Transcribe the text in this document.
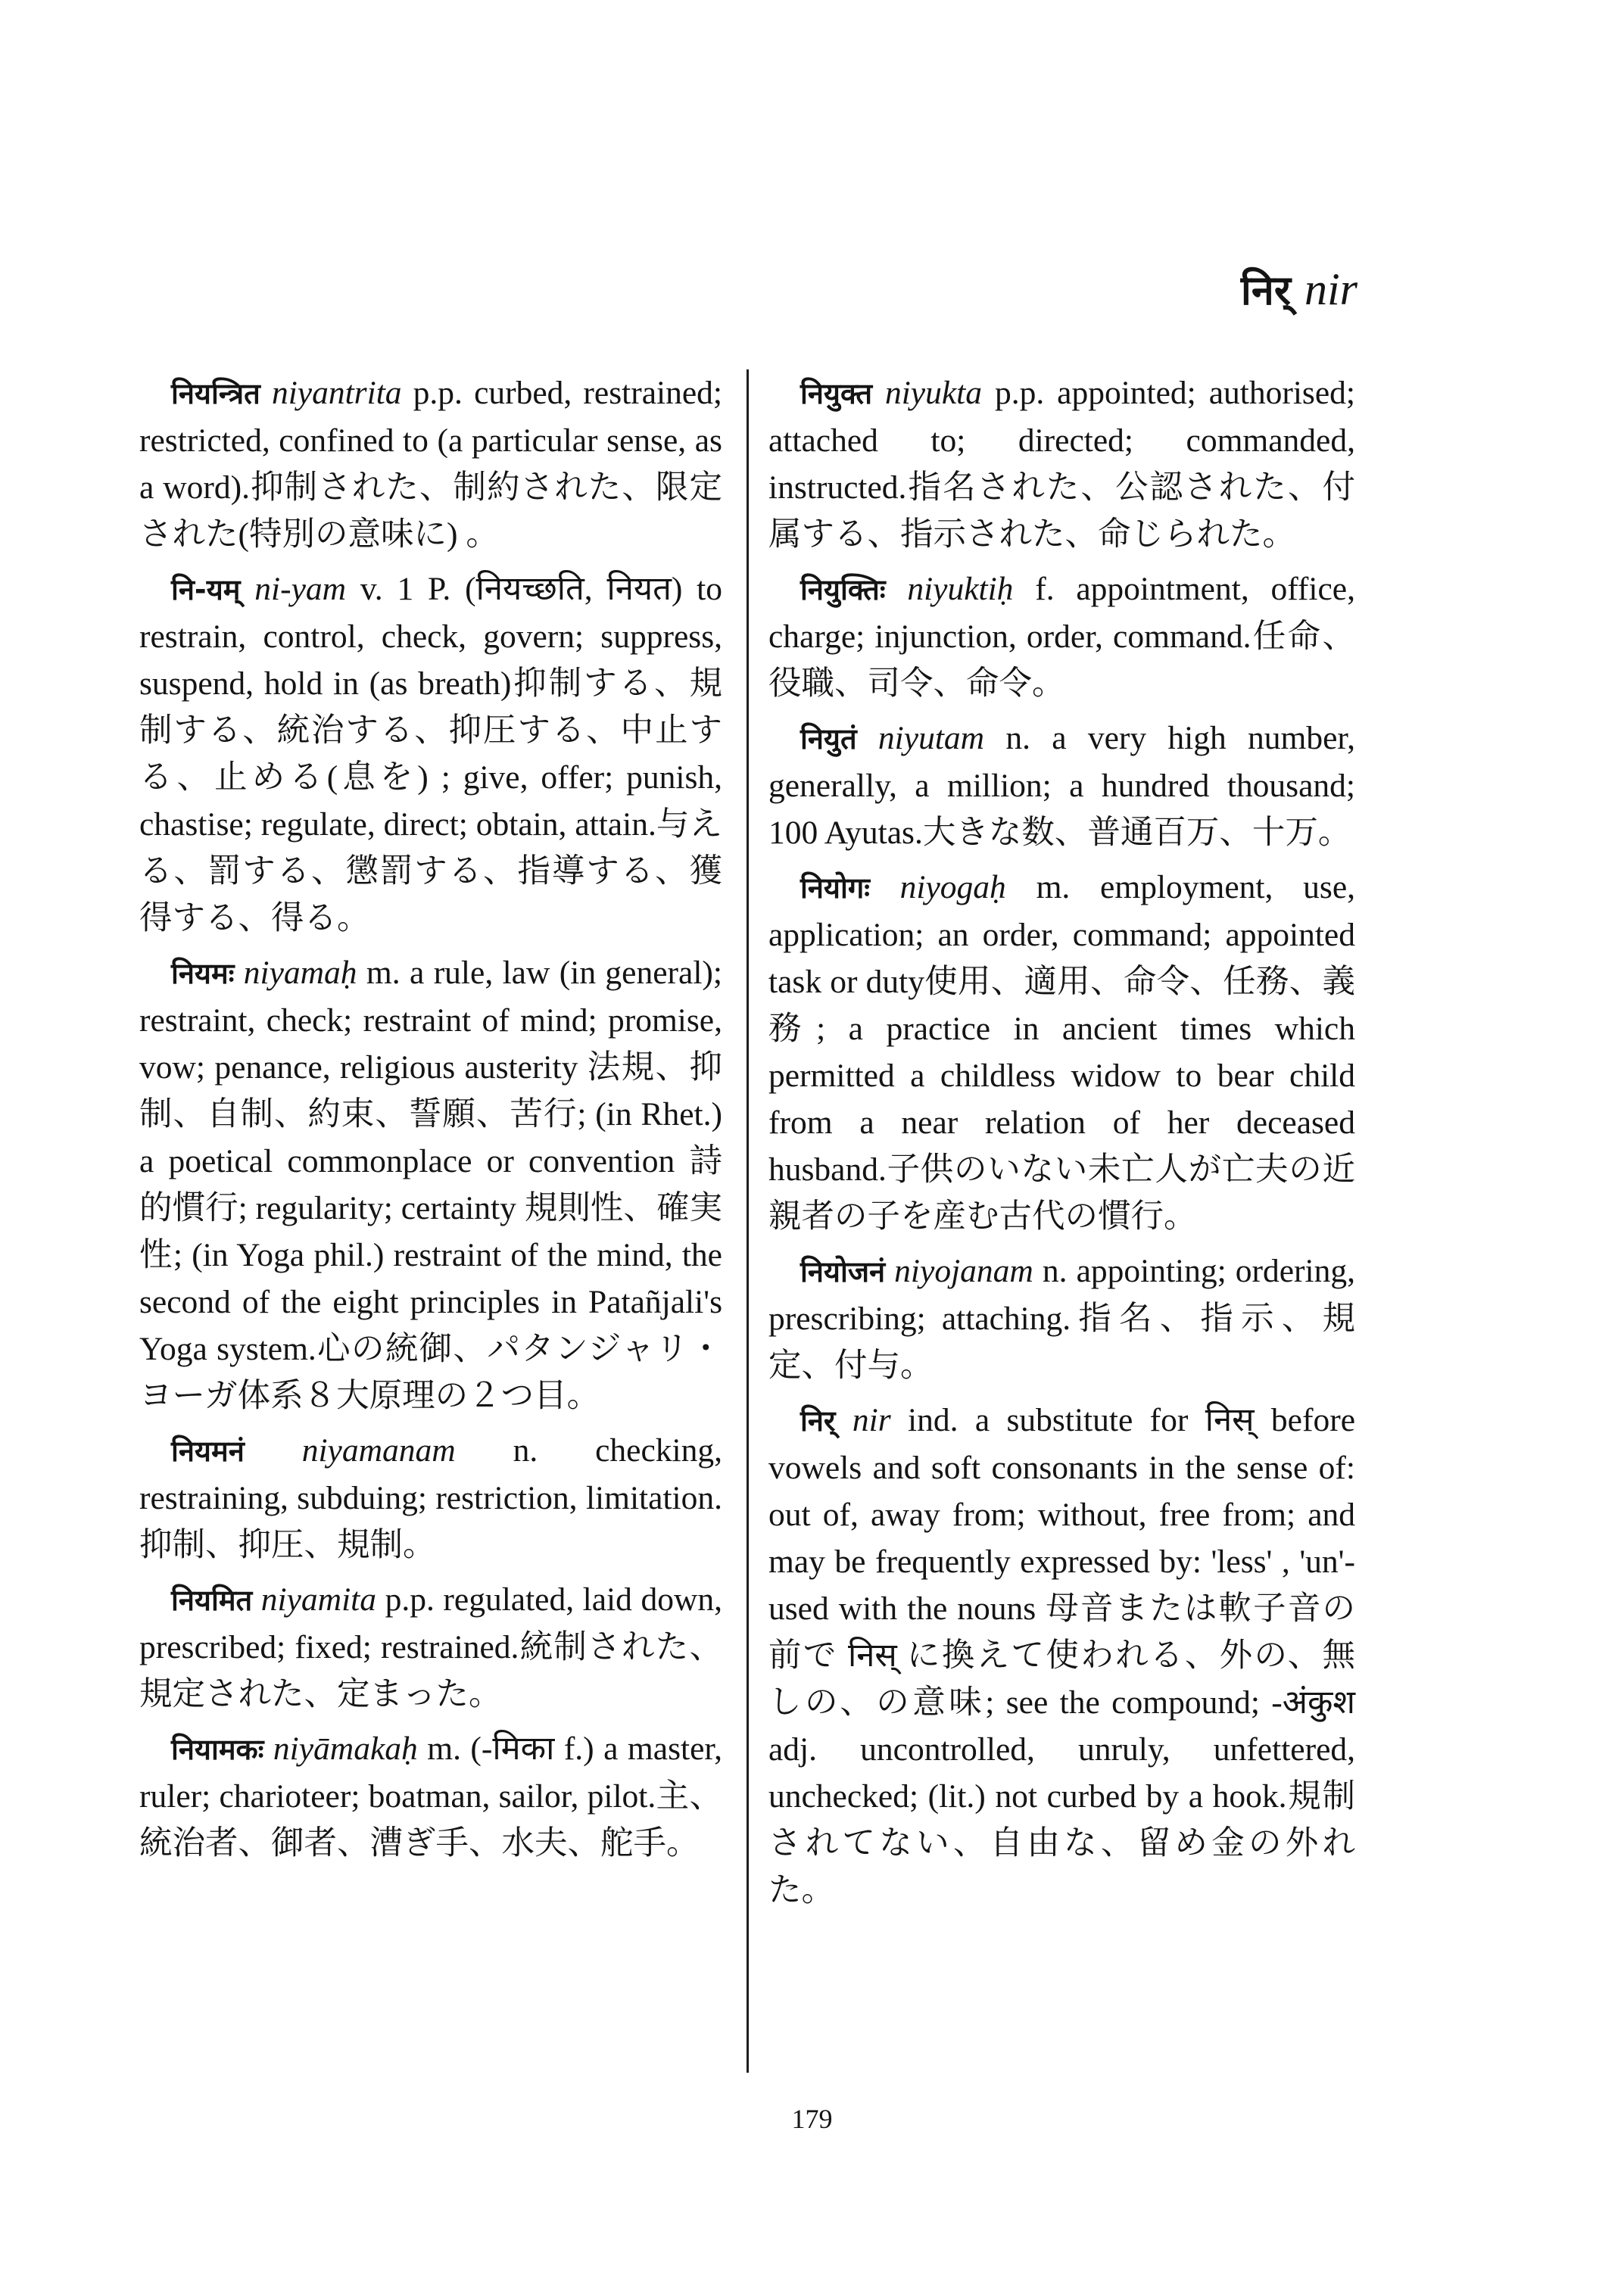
निर् nir

नियन्त्रित niyantrita p.p. curbed, restrained; restricted, confined to (a particular sense, as a word).抑制された、制約された、限定された(特別の意味に) 。

नि-यम् ni-yam v. 1 P. (नियच्छति, नियत) to restrain, control, check, govern; suppress, suspend, hold in (as breath)抑制する、規制する、統治する、抑圧する、中止する、止める(息を) ; give, offer; punish, chastise; regulate, direct; obtain, attain.与える、罰する、懲罰する、指導する、獲得する、得る。

नियमः niyamaḥ m. a rule, law (in general); restraint, check; restraint of mind; promise, vow; penance, religious austerity 法規、抑制、自制、約束、誓願、苦行; (in Rhet.) a poetical commonplace or convention 詩的慣行; regularity; certainty 規則性、確実性; (in Yoga phil.) restraint of the mind, the second of the eight principles in Patañjali's Yoga system.心の統御、パタンジャリ・ヨーガ体系８大原理の２つ目。

नियमनं niyamanam n. checking, restraining, subduing; restriction, limitation.抑制、抑圧、規制。

नियमित niyamita p.p. regulated, laid down, prescribed; fixed; restrained.統制された、規定された、定まった。

नियामकः niyāmakaḥ m. (-मिका f.) a master, ruler; charioteer; boatman, sailor, pilot.主、統治者、御者、漕ぎ手、水夫、舵手。

नियुक्त niyukta p.p. appointed; authorised; attached to; directed; commanded, instructed.指名された、公認された、付属する、指示された、命じられた。

नियुक्तिः niyuktiḥ f. appointment, office, charge; injunction, order, command.任命、役職、司令、命令。

नियुतं niyutam n. a very high number, generally, a million; a hundred thousand; 100 Ayutas.大きな数、普通百万、十万。

नियोगः niyogaḥ m. employment, use, application; an order, command; appointed task or duty使用、適用、命令、任務、義務; a practice in ancient times which permitted a childless widow to bear child from a near relation of her deceased husband.子供のいない未亡人が亡夫の近親者の子を産む古代の慣行。

नियोजनं niyojanam n. appointing; ordering, prescribing; attaching.指名、指示、規定、付与。

निर् nir ind. a substitute for निस् before vowels and soft consonants in the sense of: out of, away from; without, free from; and may be frequently expressed by: 'less' , 'un'- used with the nouns 母音または軟子音の前で निस् に換えて使われる、外の、無しの、の意味; see the compound; -अंकुश adj. uncontrolled, unruly, unfettered, unchecked; (lit.) not curbed by a hook.規制されてない、自由な、留め金の外れた。

179
